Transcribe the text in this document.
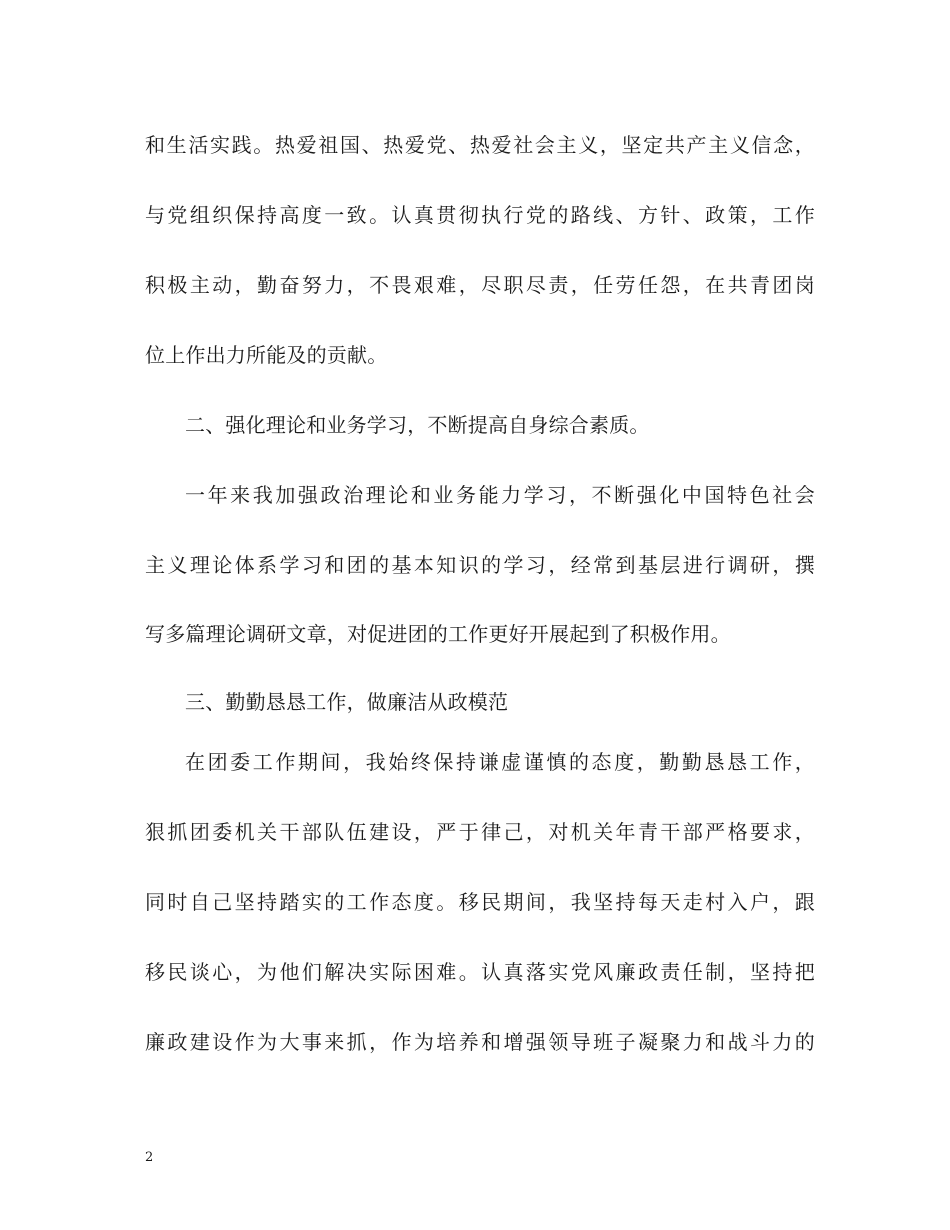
和生活实践。热爱祖国、热爱党、热爱社会主义，坚定共产主义信念，
与党组织保持高度一致。认真贯彻执行党的路线、方针、政策，工作
积极主动，勤奋努力，不畏艰难，尽职尽责，任劳任怨，在共青团岗
位上作出力所能及的贡献。
二、强化理论和业务学习，不断提高自身综合素质。
一年来我加强政治理论和业务能力学习，不断强化中国特色社会
主义理论体系学习和团的基本知识的学习，经常到基层进行调研，撰
写多篇理论调研文章，对促进团的工作更好开展起到了积极作用。
三、勤勤恳恳工作，做廉洁从政模范
在团委工作期间，我始终保持谦虚谨慎的态度，勤勤恳恳工作，
狠抓团委机关干部队伍建设，严于律己，对机关年青干部严格要求，
同时自己坚持踏实的工作态度。移民期间，我坚持每天走村入户，跟
移民谈心，为他们解决实际困难。认真落实党风廉政责任制，坚持把
廉政建设作为大事来抓，作为培养和增强领导班子凝聚力和战斗力的
2
